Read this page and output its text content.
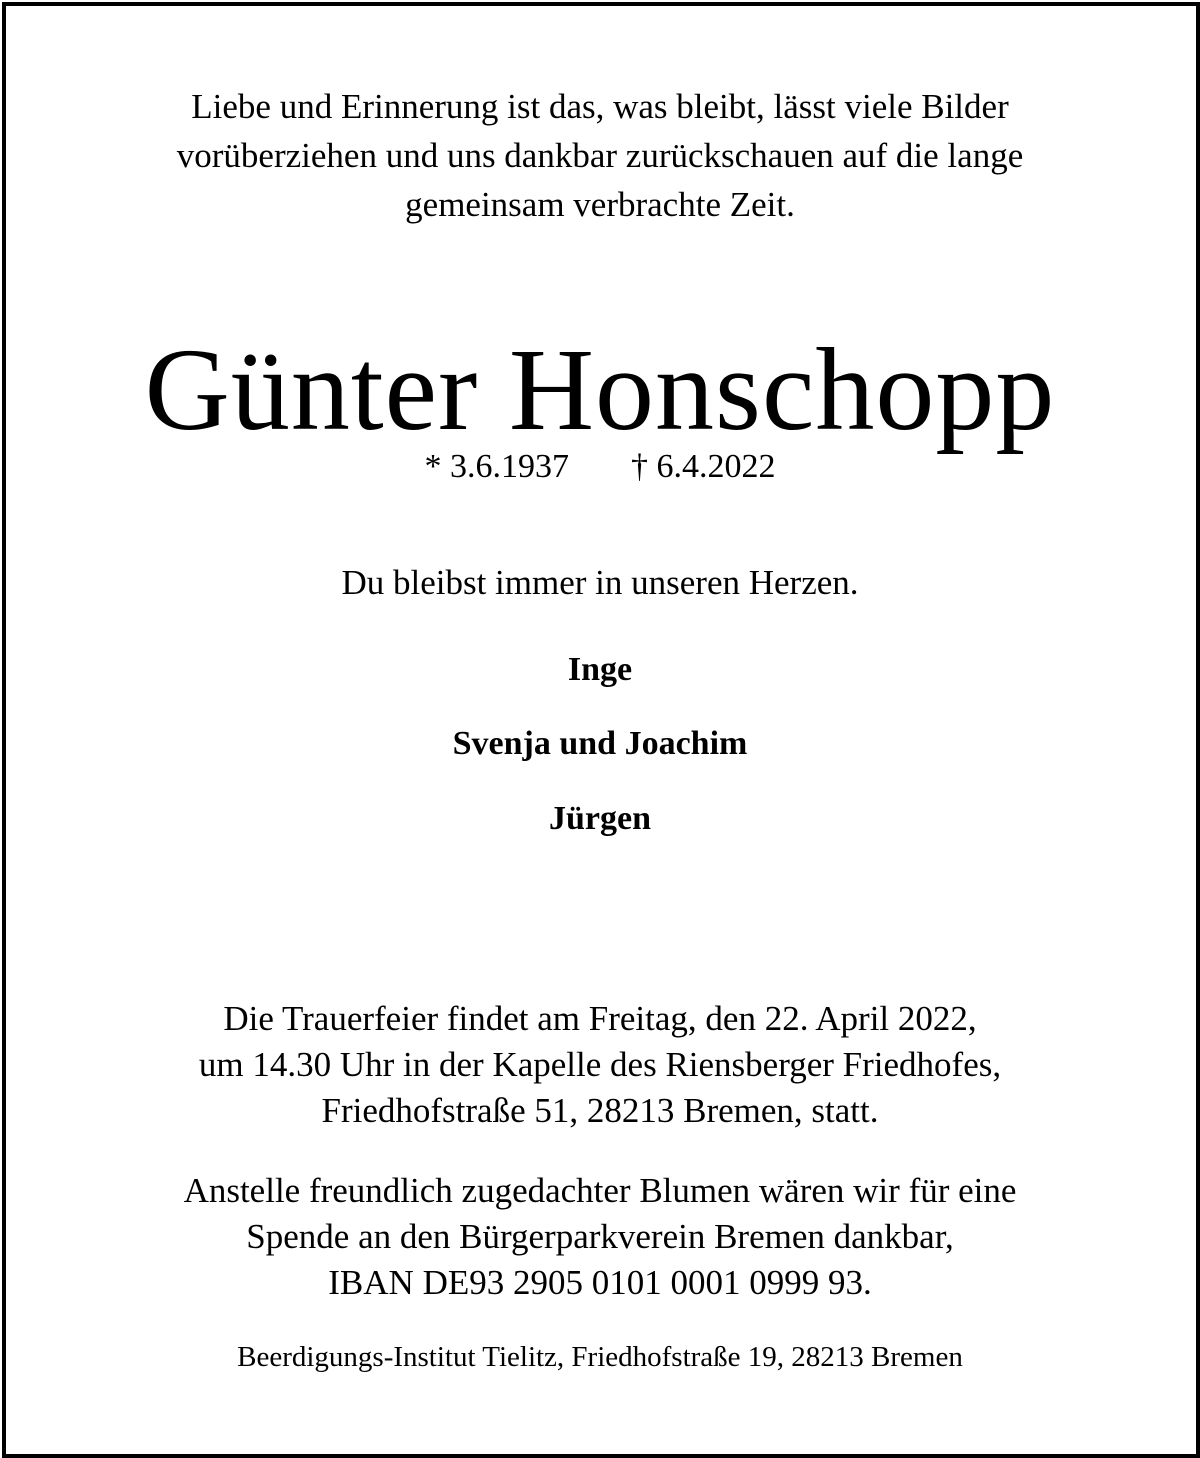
Liebe und Erinnerung ist das, was bleibt, lässt viele Bilder
vorüberziehen und uns dankbar zurückschauen auf die lange
gemeinsam verbrachte Zeit.
Günter Honschopp
* 3.6.1937 † 6.4.2022
Du bleibst immer in unseren Herzen.
Inge
Svenja und Joachim
Jürgen
Die Trauerfeier findet am Freitag, den 22. April 2022,
um 14.30 Uhr in der Kapelle des Riensberger Friedhofes,
Friedhofstraße 51, 28213 Bremen, statt.
Anstelle freundlich zugedachter Blumen wären wir für eine
Spende an den Bürgerparkverein Bremen dankbar,
IBAN DE93 2905 0101 0001 0999 93.
Beerdigungs-Institut Tielitz, Friedhofstraße 19, 28213 Bremen
